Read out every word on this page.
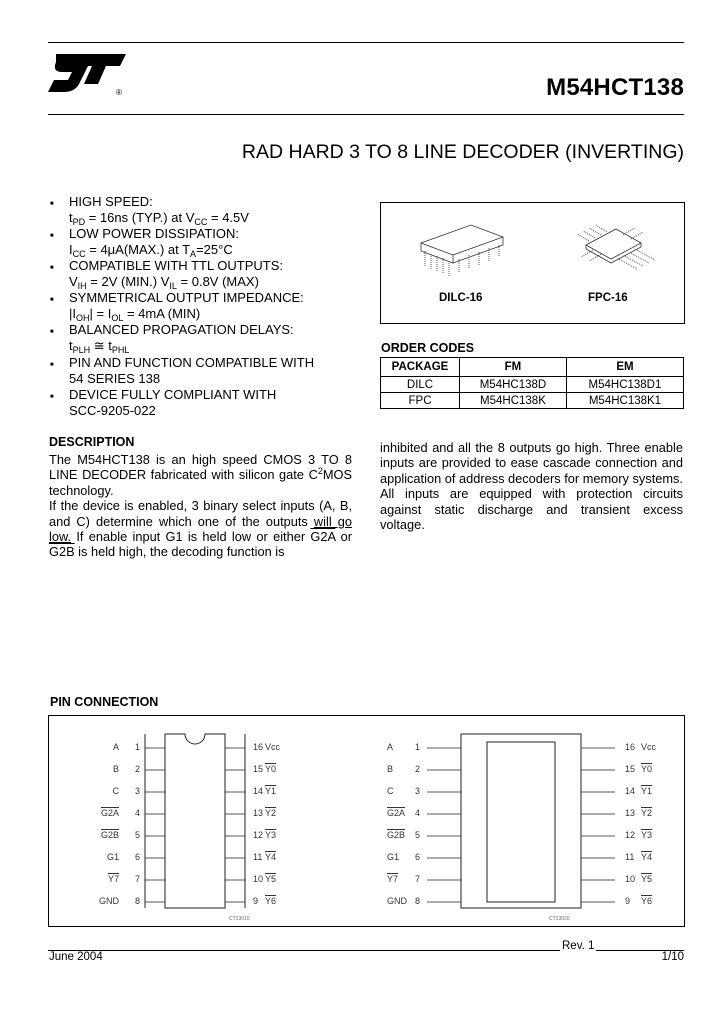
®	M54HCT138
RAD HARD 3 TO 8 LINE DECODER (INVERTING)
■ HIGH SPEED:
$t_{PD} = 16ns$ (TYP.) at $V_{CC} = 4.5V$
■ LOW POWER DISSIPATION:
$I_{CC} = 4\mu A(MAX.)$ at $T_A=25^\circ C$
■ COMPATIBLE WITH TTL OUTPUTS:
$V_{IH} = 2V$ (MIN.) $V_{IL} = 0.8V$ (MAX)
■ SYMMETRICAL OUTPUT IMPEDANCE:
$|I_{OH}| = I_{OL} = 4mA$ (MIN)
■ BALANCED PROPAGATION DELAYS:
$t_{PLH}$ ≅ $t_{PHL}$
■ PIN AND FUNCTION COMPATIBLE WITH
54 SERIES 138
■ DEVICE FULLY COMPLIANT WITH
SCC-9205-022
DILC-16	FPC-16
ORDER CODES
PACKAGE	FM	EM
DILC	M54HC138D	M54HC138D1
FPC	M54HC138K	M54HC138K1
DESCRIPTION
The M54HCT138 is an high speed CMOS 3 TO 8 LINE DECODER fabricated with silicon gate $C^2MOS$ technology.
If the device is enabled, 3 binary select inputs (A, B, and C) determine which one of the outputs will go low. If enable input G1 is held low or either G2A or G2B is held high, the decoding function is
inhibited and all the 8 outputs go high. Three enable inputs are provided to ease cascade connection and application of address decoders for memory systems.
All inputs are equipped with protection circuits against static discharge and transient excess voltage.
PIN CONNECTION
CT13010	CT13020
A 1	16 Vcc	A 1	16 Vcc
B 2	15 Y0	B 2	15 Y0
C 3	14 Y1	C 3	14 Y1
G2A 4	13 Y2	G2A 4	13 Y2
G2B 5	12 Y3	G2B 5	12 Y3
G1 6	11 Y4	G1 6	11 Y4
Y7 7	10 Y5	Y7 7	10 Y5
GND 8	9 Y6	GND 8	9 Y6
Rev. 1
June 2004	1/10
